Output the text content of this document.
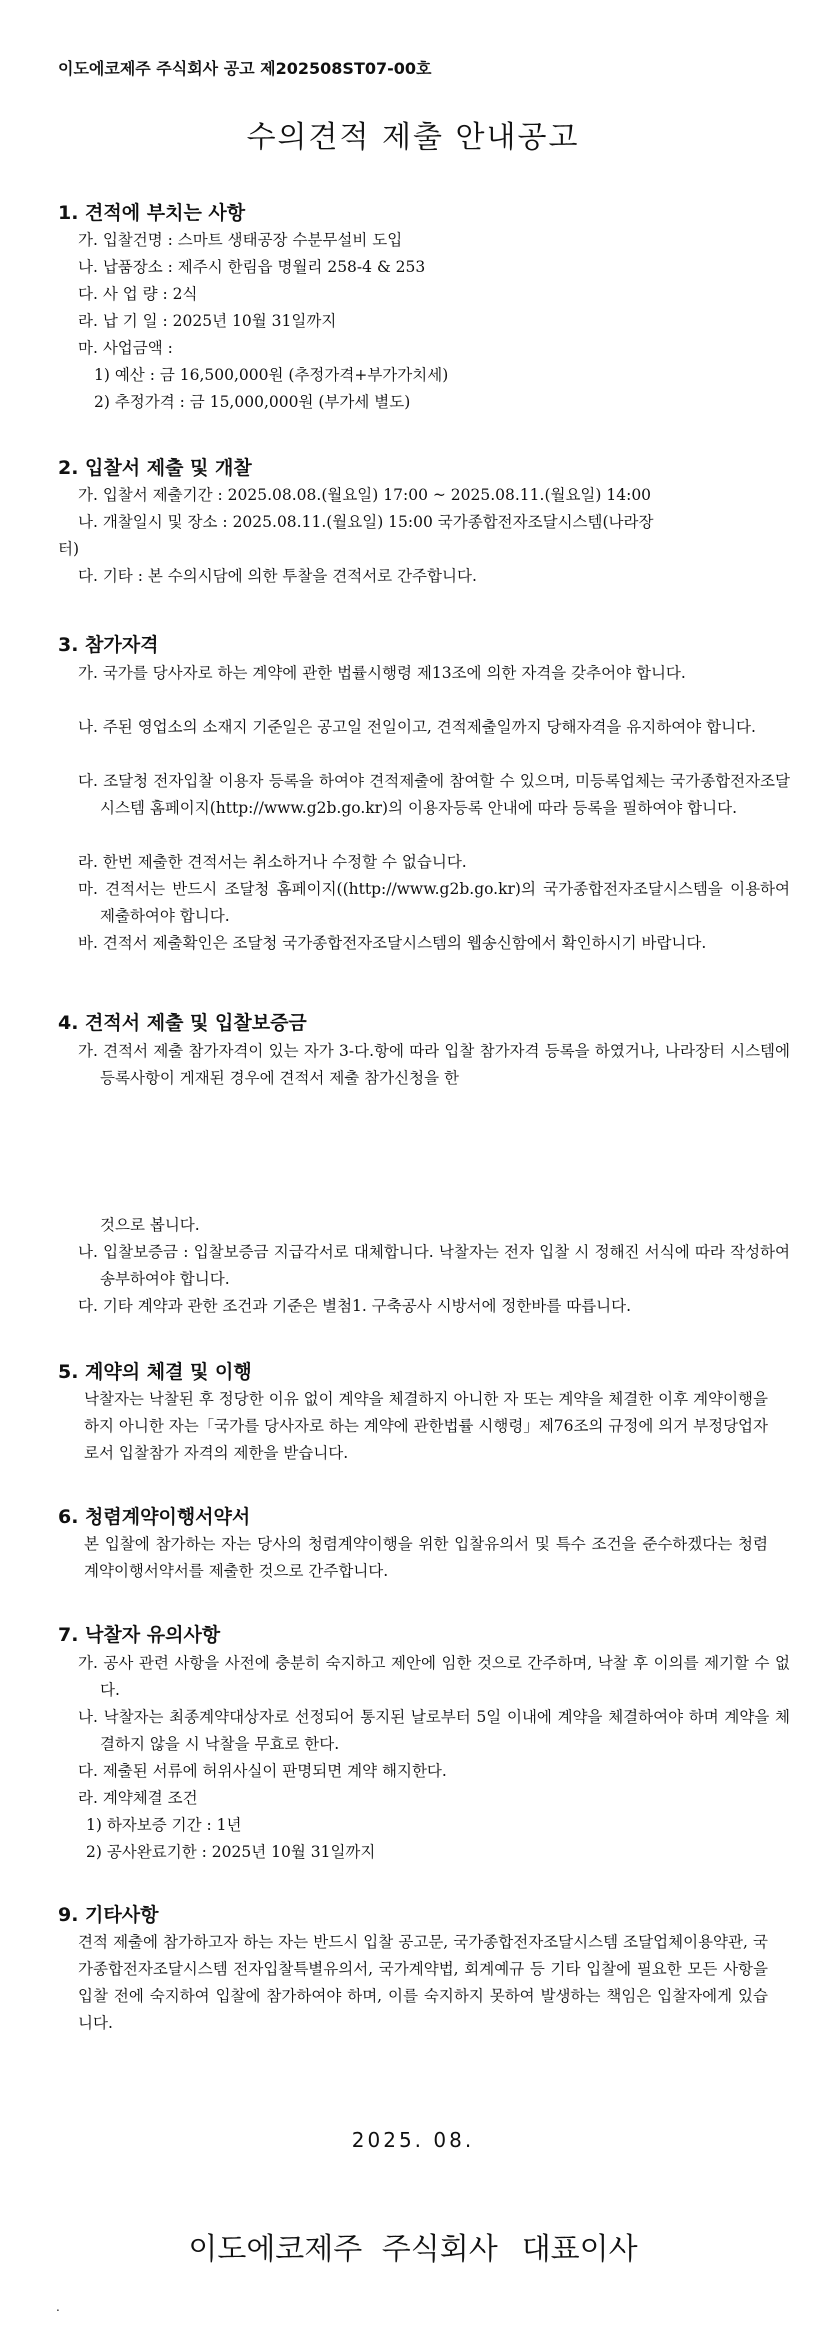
이도에코제주 주식회사 공고 제202508ST07-00호
수의견적 제출 안내공고
1. 견적에 부치는 사항
가. 입찰건명 : 스마트 생태공장 수분무설비 도입
나. 납품장소 : 제주시 한림읍 명월리 258-4 & 253
다. 사 업 량 : 2식
라. 납 기 일 : 2025년 10월 31일까지
마. 사업금액 :
1) 예산 : 금 16,500,000원 (추정가격+부가가치세)
2) 추정가격 : 금 15,000,000원 (부가세 별도)
2. 입찰서 제출 및 개찰
가. 입찰서 제출기간 : 2025.08.08.(월요일) 17:00 ~ 2025.08.11.(월요일) 14:00
나. 개찰일시 및 장소 : 2025.08.11.(월요일) 15:00 국가종합전자조달시스템(나라장
터)
다. 기타 : 본 수의시담에 의한 투찰을 견적서로 간주합니다.
3. 참가자격
가. 국가를 당사자로 하는 계약에 관한 법률시행령 제13조에 의한 자격을 갖추어야 합니다.
나. 주된 영업소의 소재지 기준일은 공고일 전일이고, 견적제출일까지 당해자격을 유지하여야 합니다.
다. 조달청 전자입찰 이용자 등록을 하여야 견적제출에 참여할 수 있으며, 미등록업체는 국가종합전자조달 시스템 홈페이지(http://www.g2b.go.kr)의 이용자등록 안내에 따라 등록을 필하여야 합니다.
라. 한번 제출한 견적서는 취소하거나 수정할 수 없습니다.
마. 견적서는 반드시 조달청 홈페이지((http://www.g2b.go.kr)의 국가종합전자조달시스템을 이용하여 제출하여야 합니다.
바. 견적서 제출확인은 조달청 국가종합전자조달시스템의 웹송신함에서 확인하시기 바랍니다.
4. 견적서 제출 및 입찰보증금
가. 견적서 제출 참가자격이 있는 자가 3-다.항에 따라 입찰 참가자격 등록을 하였거나, 나라장터 시스템에 등록사항이 게재된 경우에 견적서 제출 참가신청을 한
것으로 봅니다.
나. 입찰보증금 : 입찰보증금 지급각서로 대체합니다. 낙찰자는 전자 입찰 시 정해진 서식에 따라 작성하여 송부하여야 합니다.
다. 기타 계약과 관한 조건과 기준은 별첨1. 구축공사 시방서에 정한바를 따릅니다.
5. 계약의 체결 및 이행
낙찰자는 낙찰된 후 정당한 이유 없이 계약을 체결하지 아니한 자 또는 계약을 체결한 이후 계약이행을 하지 아니한 자는「국가를 당사자로 하는 계약에 관한법률 시행령」제76조의 규정에 의거 부정당업자로서 입찰참가 자격의 제한을 받습니다.
6. 청렴계약이행서약서
본 입찰에 참가하는 자는 당사의 청렴계약이행을 위한 입찰유의서 및 특수 조건을 준수하겠다는 청렴계약이행서약서를 제출한 것으로 간주합니다.
7. 낙찰자 유의사항
가. 공사 관련 사항을 사전에 충분히 숙지하고 제안에 임한 것으로 간주하며, 낙찰 후 이의를 제기할 수 없다.
나. 낙찰자는 최종계약대상자로 선정되어 통지된 날로부터 5일 이내에 계약을 체결하여야 하며 계약을 체결하지 않을 시 낙찰을 무효로 한다.
다. 제출된 서류에 허위사실이 판명되면 계약 해지한다.
라. 계약체결 조건
1) 하자보증 기간 : 1년
2) 공사완료기한 : 2025년 10월 31일까지
9. 기타사항
견적 제출에 참가하고자 하는 자는 반드시 입찰 공고문, 국가종합전자조달시스템 조달업체이용약관, 국가종합전자조달시스템 전자입찰특별유의서, 국가계약법, 회계예규 등 기타 입찰에 필요한 모든 사항을 입찰 전에 숙지하여 입찰에 참가하여야 하며, 이를 숙지하지 못하여 발생하는 책임은 입찰자에게 있습니다.
2025. 08.
이도에코제주 주식회사 대표이사
.
